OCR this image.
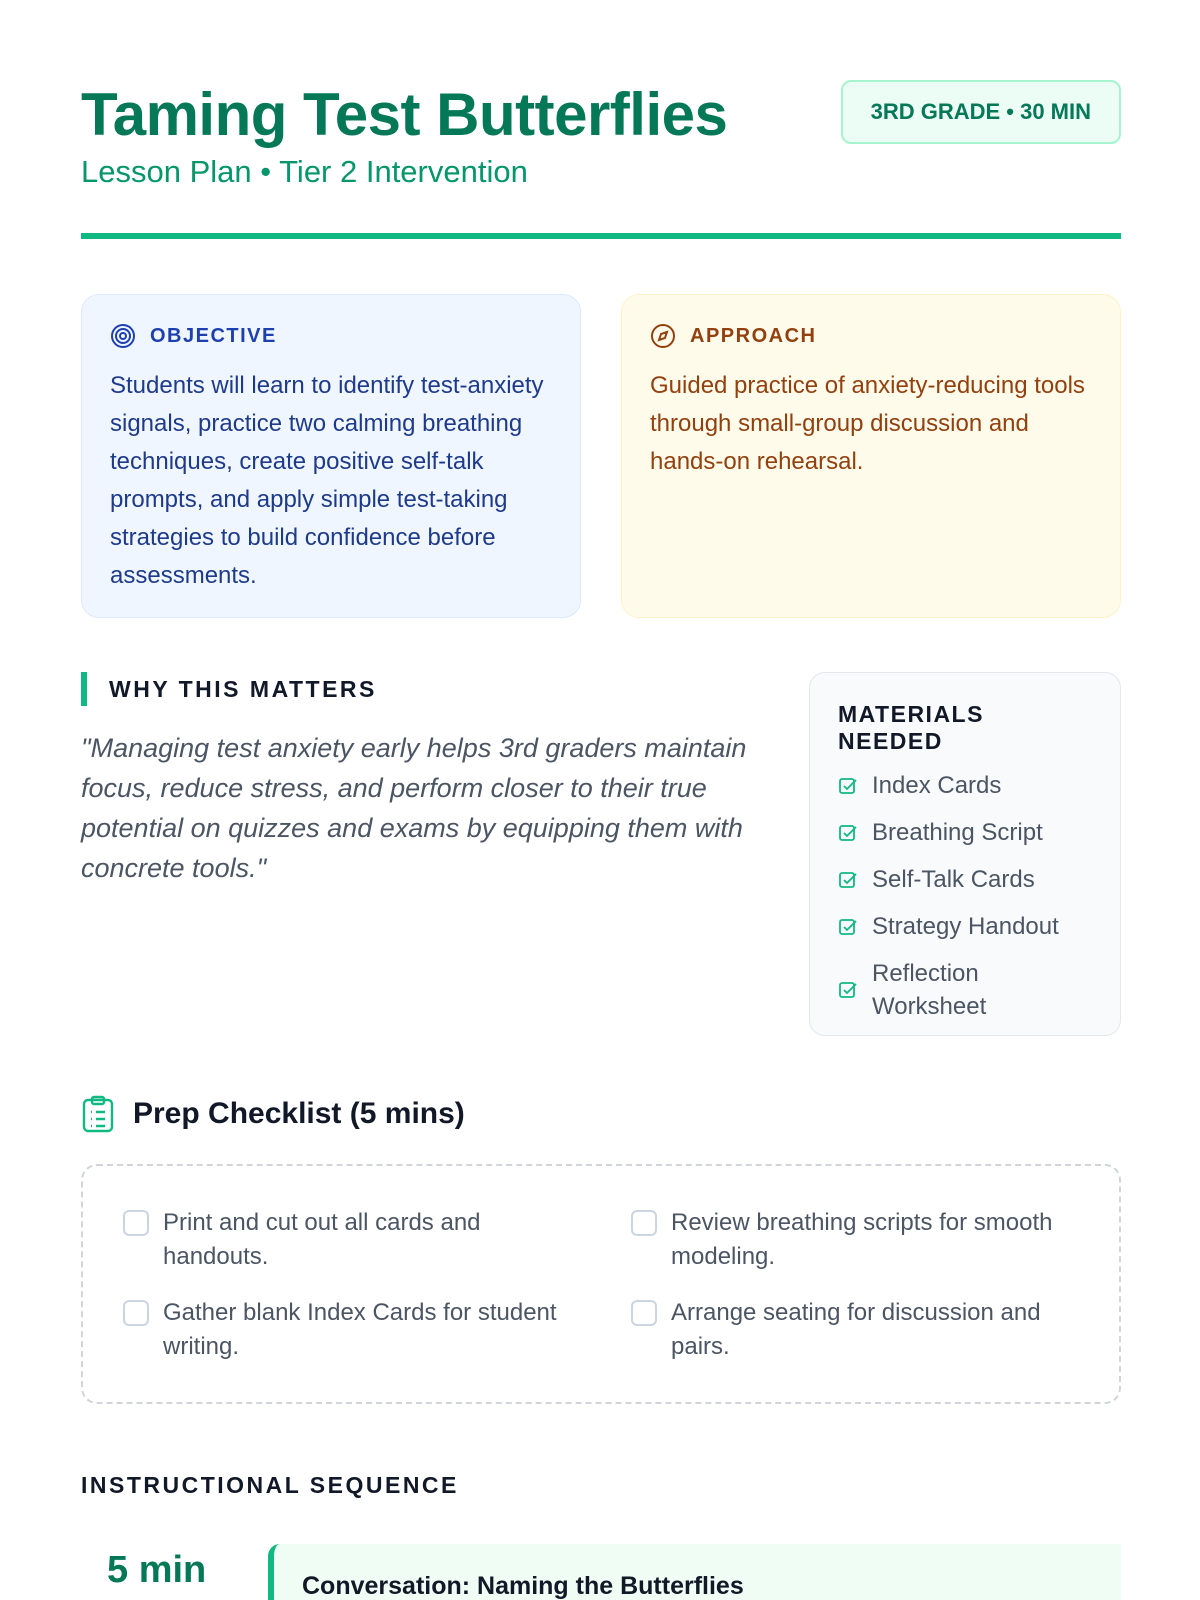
Taming Test Butterflies
Lesson Plan • Tier 2 Intervention
3RD GRADE • 30 MIN
OBJECTIVE

Students will learn to identify test-anxiety signals, practice two calming breathing techniques, create positive self-talk prompts, and apply simple test-taking strategies to build confidence before assessments.

APPROACH

Guided practice of anxiety-reducing tools through small-group discussion and hands-on rehearsal.

WHY THIS MATTERS

"Managing test anxiety early helps 3rd graders maintain focus, reduce stress, and perform closer to their true potential on quizzes and exams by equipping them with concrete tools."

MATERIALS NEEDED
Index Cards
Breathing Script
Self-Talk Cards
Strategy Handout
Reflection Worksheet
Prep Checklist (5 mins)
Print and cut out all cards and handouts.
Review breathing scripts for smooth modeling.
Gather blank Index Cards for student writing.
Arrange seating for discussion and pairs.
INSTRUCTIONAL SEQUENCE
5 min	Conversation: Naming the Butterflies
